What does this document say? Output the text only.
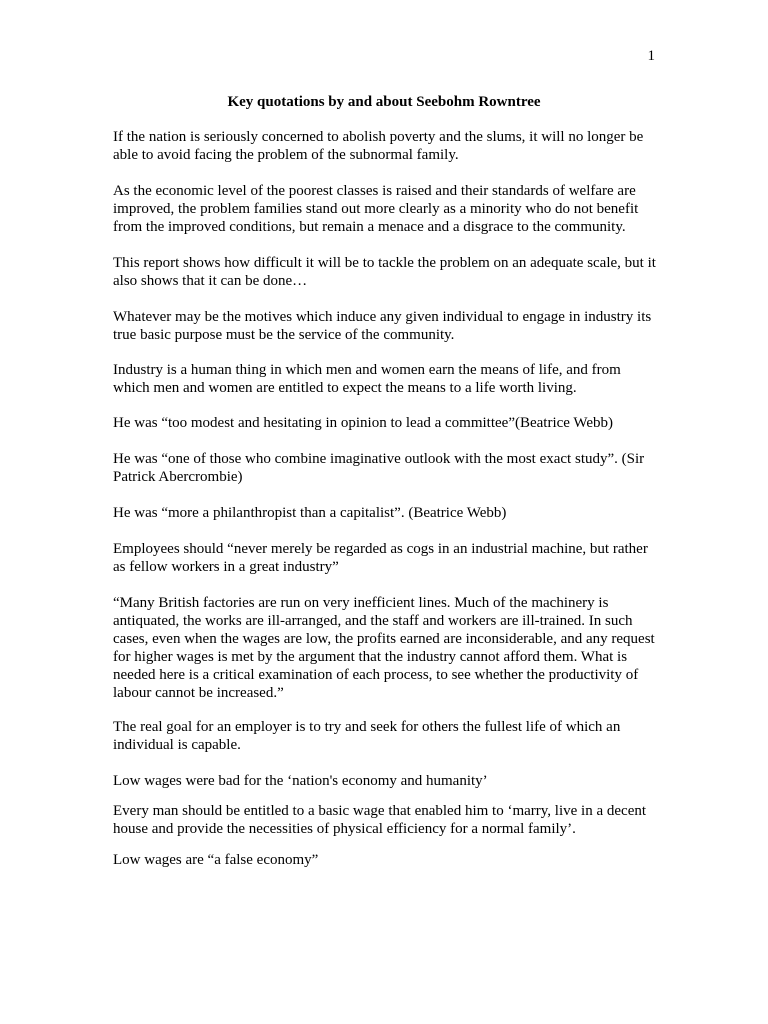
1
Key quotations by and about Seebohm Rowntree

If the nation is seriously concerned to abolish poverty and the slums, it will no longer be able to avoid facing the problem of the subnormal family.

As the economic level of the poorest classes is raised and their standards of welfare are improved, the problem families stand out more clearly as a minority who do not benefit from the improved conditions, but remain a menace and a disgrace to the community.

This report shows how difficult it will be to tackle the problem on an adequate scale, but it also shows that it can be done…

Whatever may be the motives which induce any given individual to engage in industry its true basic purpose must be the service of the community.

Industry is a human thing in which men and women earn the means of life, and from which men and women are entitled to expect the means to a life worth living.

He was “too modest and hesitating in opinion to lead a committee”(Beatrice Webb)

He was “one of those who combine imaginative outlook with the most exact study”. (Sir Patrick Abercrombie)

He was “more a philanthropist than a capitalist”. (Beatrice Webb)

Employees should “never merely be regarded as cogs in an industrial machine, but rather as fellow workers in a great industry”

“Many British factories are run on very inefficient lines. Much of the machinery is antiquated, the works are ill-arranged, and the staff and workers are ill-trained. In such cases, even when the wages are low, the profits earned are inconsiderable, and any request for higher wages is met by the argument that the industry cannot afford them. What is needed here is a critical examination of each process, to see whether the productivity of labour cannot be increased.”

The real goal for an employer is to try and seek for others the fullest life of which an individual is capable.

Low wages were bad for the ‘nation's economy and humanity’

Every man should be entitled to a basic wage that enabled him to ‘marry, live in a decent house and provide the necessities of physical efficiency for a normal family’.

Low wages are “a false economy”
